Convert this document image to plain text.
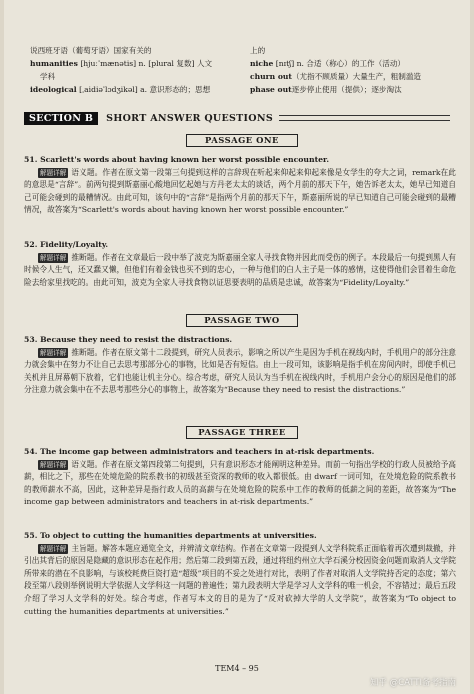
说西班牙语（葡萄牙语）国家有关的
humanities [hjuːˈmænətis] n. [plural 复数] 人文
学科
ideological [ˌaidiəˈlɔdʒikəl] a. 意识形态的；思想
上的
niche [nɪtʃ] n. 合适（称心）的工作（活动）
churn out（尤指不顾质量）大量生产，粗制滥造
phase out逐步停止使用（提供）；逐步淘汰
SECTION B	SHORT ANSWER QUESTIONS
PASSAGE ONE
51. Scarlett's words about having known her worst possible encounter.
解题详解 语义题。作者在原文第一段第三句提到这样的言辞现在听起来仰起来仰起来像是女学生的夸大之词，remark在此的意思是“言辞”。前两句提到斯嘉丽心酸地回忆起她与方丹老太太的谈话，两个月前的那天下午，她告诉老太太，她早已知道自己可能会碰到的最糟情况。由此可知，该句中的“言辞”是指两个月前的那天下午，斯嘉丽所说的早已知道自己可能会碰到的最糟情况，故答案为“Scarlett's words about having known her worst possible encounter.”
52. Fidelity/Loyalty.
解题详解 推断题。作者在文章最后一段中举了波克为斯嘉丽全家人寻找食物并因此而受伤的例子。本段最后一句提到黑人有时候令人生气，还又蠢又懒，但他们有着金钱也买不到的忠心，一种与他们的白人主子是一体的感情，这使得他们会冒着生命危险去给家里找吃的。由此可知，波克为全家人寻找食物以证思要表明的品质是忠诚，故答案为“Fidelity/Loyalty.”
PASSAGE TWO
53. Because they need to resist the distractions.
解题详解 推断题。作者在原文第十二段提到，研究人员表示，影响之所以产生是因为手机在视线内时，手机用户的部分注意力就会集中在努力不让自己去思考那部分心的事物，比如是否有短信。由上一段可知，该影响是指手机在房间内时，即使手机已关机并且屏幕朝下放着，它们也能让机主分心。综合考虑，研究人员认为当手机在视线内时，手机用户会分心的原因是他们的部分注意力就会集中在不去思考那些分心的事物上，故答案为“Because they need to resist the distractions.”
PASSAGE THREE
54. The income gap between administrators and teachers in at-risk departments.
解题详解 语义题。作者在原文第四段第二句提到，只有意识形态才能阐明这种差异。而前一句指出学校的行政人员被给予高薪，相比之下，那些在处境危险的院系教书的初级甚至资深的教师的收入都很低。由 dwarf 一词可知，在处境危险的院系教书的教师薪水不高，因此，这种差异是指行政人员的高薪与在处境危险的院系中工作的教师的低薪之间的差距，故答案为“The income gap between administrators and teachers in at-risk departments.”
55. To object to cutting the humanities departments at universities.
解题详解 主旨题。解答本题应通览全文，并辨清文章结构。作者在文章第一段提到人文学科院系正面临着再次遭到裁撤，并引出其背后的原因是隐藏的意识形态在起作用；然后第二段到第五段，通过将纽约州立大学石溪分校因资金问题而取消人文学院所带来的潜在不良影响，与该校耗费巨资打造“超级”项目的不妥之处进行对比，表明了作者对取消人文学院持否定的态度；第六段至第八段则举例说明大学依据人文学科这一问题的普遍性；第九段表明大学是学习人文学科的唯一机会，不容错过；最后五段介绍了学习人文学科的好处。综合考虑，作者写本文的目的是为了“反对砍掉大学的人文学院”，故答案为“To object to cutting the humanities departments at universities.”
TEM4 – 95
知乎 @CATTI备考指南
